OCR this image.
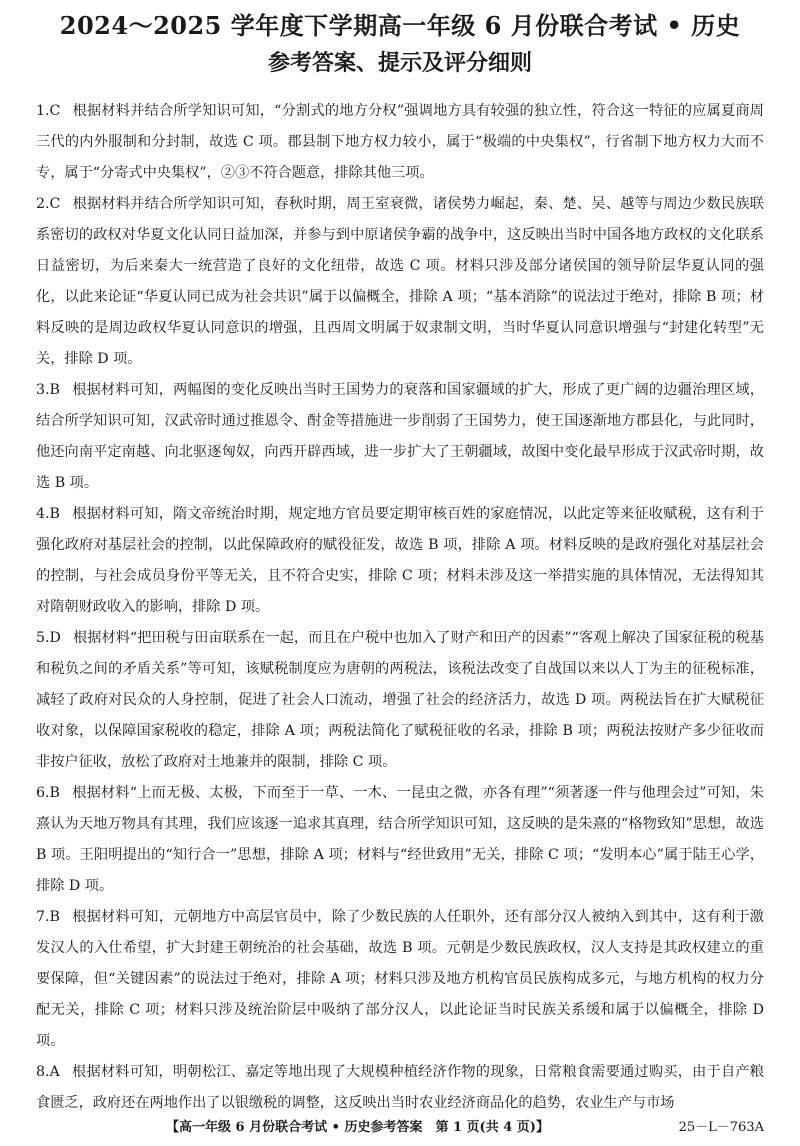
2024～2025 学年度下学期高一年级 6 月份联合考试 • 历史
参考答案、提示及评分细则

1.C 根据材料并结合所学知识可知，“分割式的地方分权”强调地方具有较强的独立性，符合这一特征的应属夏商周三代的内外服制和分封制，故选 C 项。郡县制下地方权力较小，属于“极端的中央集权”，行省制下地方权力大而不专，属于“分寄式中央集权”，②③不符合题意，排除其他三项。

2.C 根据材料并结合所学知识可知，春秋时期，周王室衰微，诸侯势力崛起，秦、楚、吴、越等与周边少数民族联系密切的政权对华夏文化认同日益加深，并参与到中原诸侯争霸的战争中，这反映出当时中国各地方政权的文化联系日益密切，为后来秦大一统营造了良好的文化纽带，故选 C 项。材料只涉及部分诸侯国的领导阶层华夏认同的强化，以此来论证“华夏认同已成为社会共识”属于以偏概全，排除 A 项；“基本消除”的说法过于绝对，排除 B 项；材料反映的是周边政权华夏认同意识的增强，且西周文明属于奴隶制文明，当时华夏认同意识增强与“封建化转型”无关，排除 D 项。

3.B 根据材料可知，两幅图的变化反映出当时王国势力的衰落和国家疆域的扩大，形成了更广阔的边疆治理区域，结合所学知识可知，汉武帝时通过推恩令、酎金等措施进一步削弱了王国势力，使王国逐渐地方郡县化，与此同时，他还向南平定南越、向北驱逐匈奴，向西开辟西域，进一步扩大了王朝疆域，故图中变化最早形成于汉武帝时期，故选 B 项。

4.B 根据材料可知，隋文帝统治时期，规定地方官员要定期审核百姓的家庭情况，以此定等来征收赋税，这有利于强化政府对基层社会的控制，以此保障政府的赋役征发，故选 B 项，排除 A 项。材料反映的是政府强化对基层社会的控制，与社会成员身份平等无关，且不符合史实，排除 C 项；材料未涉及这一举措实施的具体情况，无法得知其对隋朝财政收入的影响，排除 D 项。

5.D 根据材料“把田税与田亩联系在一起，而且在户税中也加入了财产和田产的因素”“客观上解决了国家征税的税基和税负之间的矛盾关系”等可知，该赋税制度应为唐朝的两税法，该税法改变了自战国以来以人丁为主的征税标准，减轻了政府对民众的人身控制，促进了社会人口流动，增强了社会的经济活力，故选 D 项。两税法旨在扩大赋税征收对象，以保障国家税收的稳定，排除 A 项；两税法简化了赋税征收的名录，排除 B 项；两税法按财产多少征收而非按户征收，放松了政府对土地兼并的限制，排除 C 项。

6.B 根据材料“上而无极、太极，下而至于一草、一木、一昆虫之微，亦各有理”“须著逐一件与他理会过”可知，朱熹认为天地万物具有其理，我们应该逐一追求其真理，结合所学知识可知，这反映的是朱熹的“格物致知”思想，故选 B 项。王阳明提出的“知行合一”思想，排除 A 项；材料与“经世致用”无关，排除 C 项；“发明本心”属于陆王心学，排除 D 项。

7.B 根据材料可知，元朝地方中高层官员中，除了少数民族的人任职外，还有部分汉人被纳入到其中，这有利于激发汉人的入仕希望，扩大封建王朝统治的社会基础，故选 B 项。元朝是少数民族政权，汉人支持是其政权建立的重要保障，但“关键因素”的说法过于绝对，排除 A 项；材料只涉及地方机构官员民族构成多元，与地方机构的权力分配无关，排除 C 项；材料只涉及统治阶层中吸纳了部分汉人，以此论证当时民族关系缓和属于以偏概全，排除 D 项。

8.A 根据材料可知，明朝松江、嘉定等地出现了大规模种植经济作物的现象，日常粮食需要通过购买，由于自产粮食匮乏，政府还在两地作出了以银缴税的调整，这反映出当时农业经济商品化的趋势，农业生产与市场

【高一年级 6 月份联合考试 • 历史参考答案　第 1 页(共 4 页)】	25－L－763A
